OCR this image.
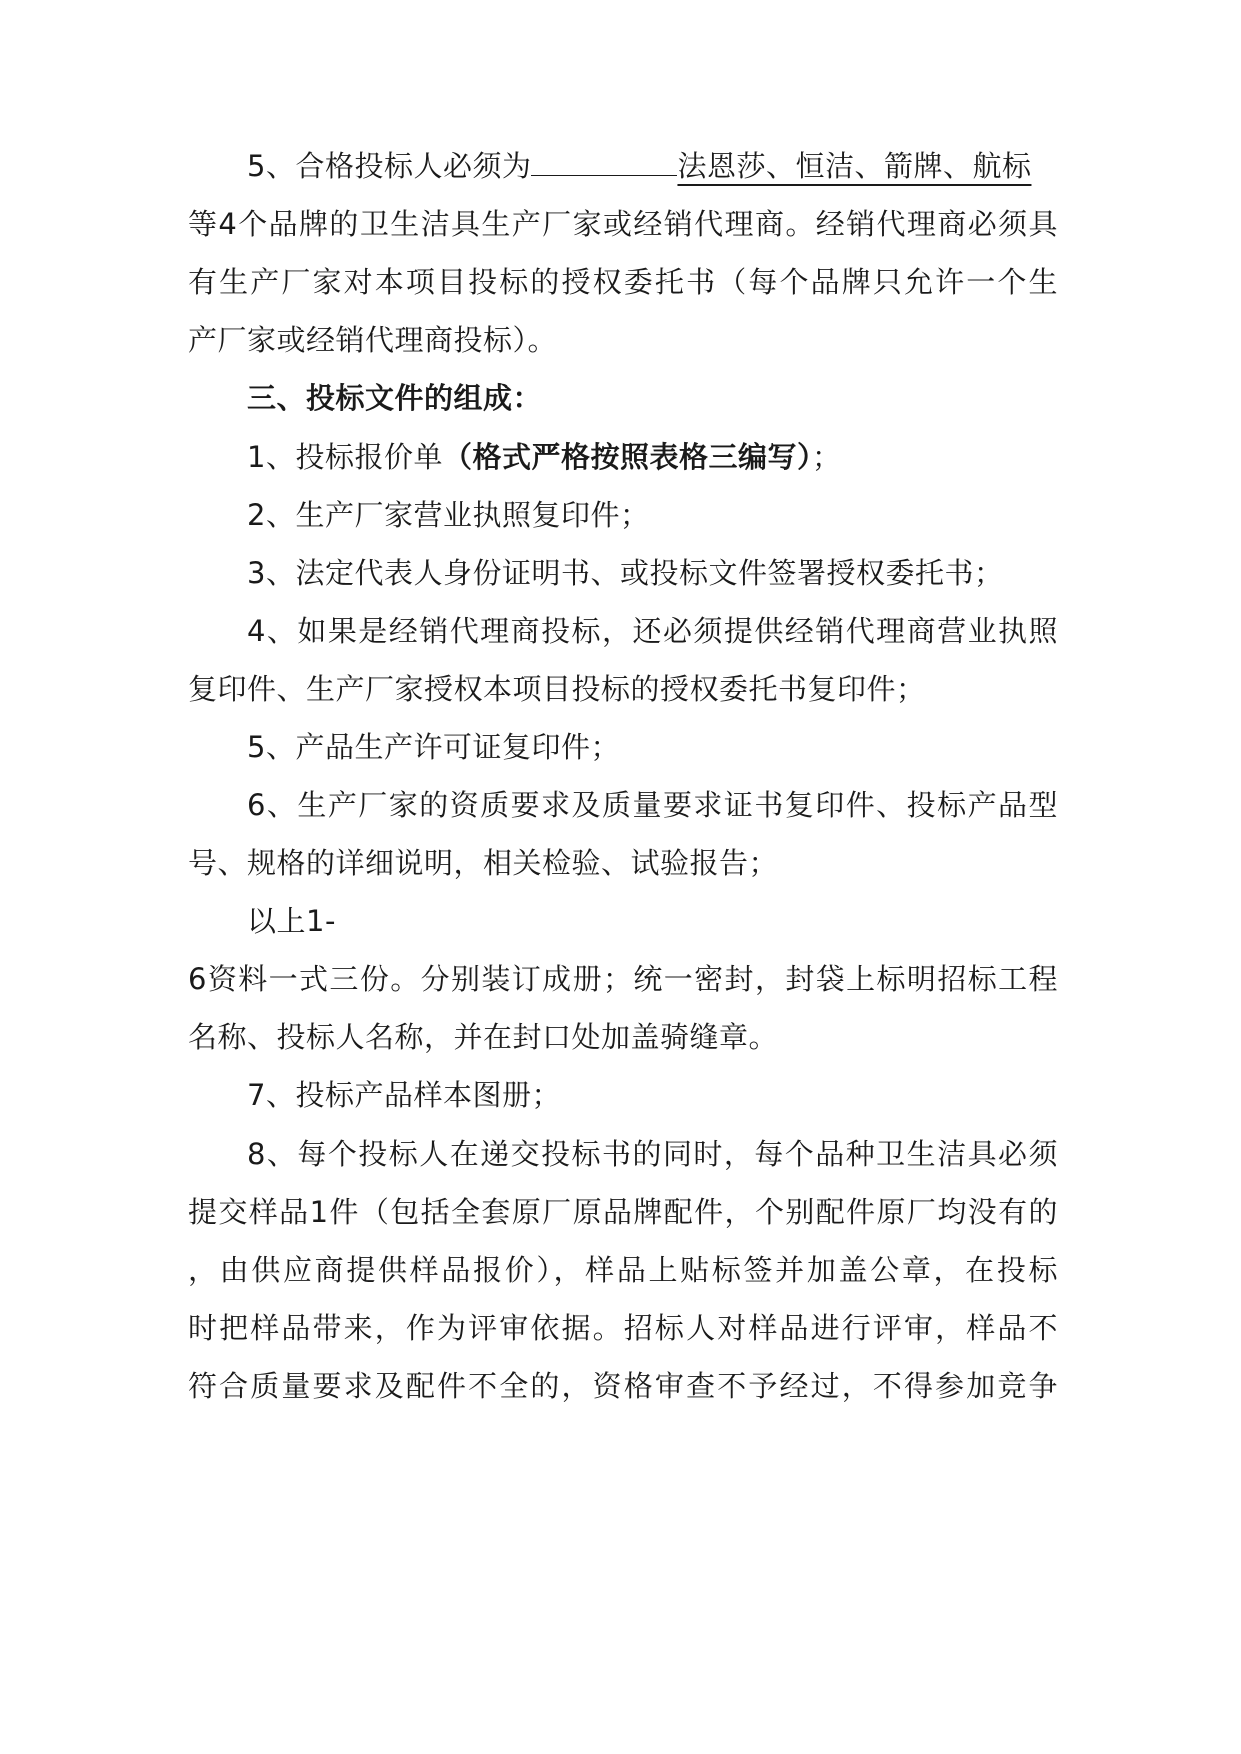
5、合格投标人必须为	法恩莎、恒洁、箭牌、航标
等4个品牌的卫生洁具生产厂家或经销代理商。经销代理商必须具
有生产厂家对本项目投标的授权委托书（每个品牌只允许一个生
产厂家或经销代理商投标）。
三、投标文件的组成：
1、投标报价单（格式严格按照表格三编写）；
2、生产厂家营业执照复印件；
3、法定代表人身份证明书、或投标文件签署授权委托书；
4、如果是经销代理商投标，还必须提供经销代理商营业执照
复印件、生产厂家授权本项目投标的授权委托书复印件；
5、产品生产许可证复印件；
6、生产厂家的资质要求及质量要求证书复印件、投标产品型
号、规格的详细说明，相关检验、试验报告；
以上1-
6资料一式三份。分别装订成册；统一密封，封袋上标明招标工程
名称、投标人名称，并在封口处加盖骑缝章。
7、投标产品样本图册；
8、每个投标人在递交投标书的同时，每个品种卫生洁具必须
提交样品1件（包括全套原厂原品牌配件，个别配件原厂均没有的
，由供应商提供样品报价），样品上贴标签并加盖公章，在投标
时把样品带来，作为评审依据。招标人对样品进行评审，样品不
符合质量要求及配件不全的，资格审查不予经过，不得参加竞争
